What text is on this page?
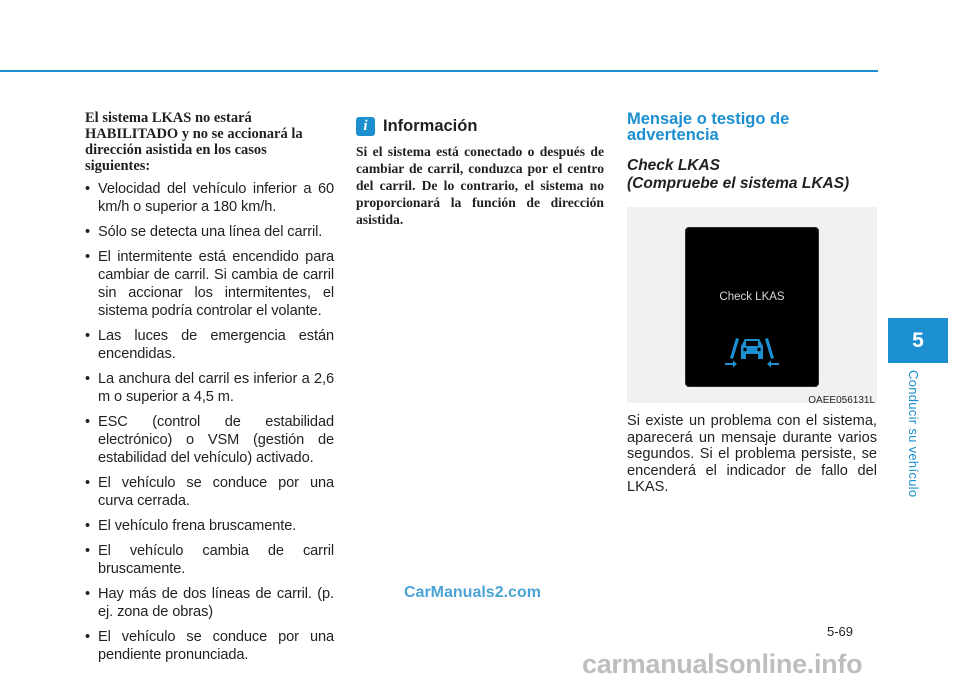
El sistema LKAS no estará HABILITADO y no se accionará la dirección asistida en los casos siguientes:

• Velocidad del vehículo inferior a 60 km/h o superior a 180 km/h.
• Sólo se detecta una línea del carril.
• El intermitente está encendido para cambiar de carril. Si cambia de carril sin accionar los intermitentes, el sistema podría controlar el volante.
• Las luces de emergencia están encendidas.
• La anchura del carril es inferior a 2,6 m o superior a 4,5 m.
• ESC (control de estabilidad electrónico) o VSM (gestión de estabilidad del vehículo) activado.
• El vehículo se conduce por una curva cerrada.
• El vehículo frena bruscamente.
• El vehículo cambia de carril bruscamente.
• Hay más de dos líneas de carril. (p. ej. zona de obras)
• El vehículo se conduce por una pendiente pronunciada.
i Información

Si el sistema está conectado o después de cambiar de carril, conduzca por el centro del carril. De lo contrario, el sistema no proporcionará la función de dirección asistida.

Mensaje o testigo de advertencia

Check LKAS
(Compruebe el sistema LKAS)

Check LKAS
OAEE056131L

Si existe un problema con el sistema, aparecerá un mensaje durante varios segundos. Si el problema persiste, se encenderá el indicador de fallo del LKAS.

5
Conducir su vehículo
5-69
CarManuals2.com
carmanualsonline.info
